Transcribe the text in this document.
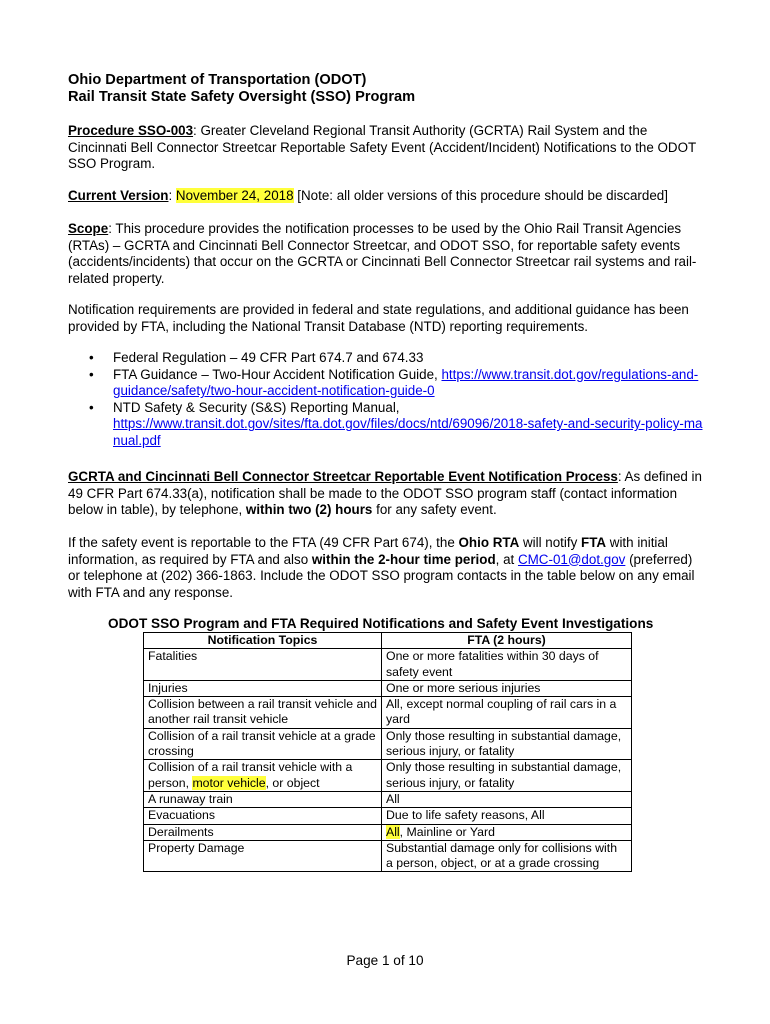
Ohio Department of Transportation (ODOT)
Rail Transit State Safety Oversight (SSO) Program
Procedure SSO-003: Greater Cleveland Regional Transit Authority (GCRTA) Rail System and the Cincinnati Bell Connector Streetcar Reportable Safety Event (Accident/Incident) Notifications to the ODOT SSO Program.
Current Version: November 24, 2018 [Note: all older versions of this procedure should be discarded]
Scope: This procedure provides the notification processes to be used by the Ohio Rail Transit Agencies (RTAs) – GCRTA and Cincinnati Bell Connector Streetcar, and ODOT SSO, for reportable safety events (accidents/incidents) that occur on the GCRTA or Cincinnati Bell Connector Streetcar rail systems and rail-related property.
Notification requirements are provided in federal and state regulations, and additional guidance has been provided by FTA, including the National Transit Database (NTD) reporting requirements.
• Federal Regulation – 49 CFR Part 674.7 and 674.33
• FTA Guidance – Two-Hour Accident Notification Guide, https://www.transit.dot.gov/regulations-and-guidance/safety/two-hour-accident-notification-guide-0
• NTD Safety & Security (S&S) Reporting Manual,
https://www.transit.dot.gov/sites/fta.dot.gov/files/docs/ntd/69096/2018-safety-and-security-policy-manual.pdf
GCRTA and Cincinnati Bell Connector Streetcar Reportable Event Notification Process: As defined in 49 CFR Part 674.33(a), notification shall be made to the ODOT SSO program staff (contact information below in table), by telephone, within two (2) hours for any safety event.
If the safety event is reportable to the FTA (49 CFR Part 674), the Ohio RTA will notify FTA with initial information, as required by FTA and also within the 2-hour time period, at CMC-01@dot.gov (preferred) or telephone at (202) 366-1863. Include the ODOT SSO program contacts in the table below on any email with FTA and any response.
ODOT SSO Program and FTA Required Notifications and Safety Event Investigations
Notification Topics	FTA (2 hours)
Fatalities	One or more fatalities within 30 days of safety event
Injuries	One or more serious injuries
Collision between a rail transit vehicle and another rail transit vehicle	All, except normal coupling of rail cars in a yard
Collision of a rail transit vehicle at a grade crossing	Only those resulting in substantial damage, serious injury, or fatality
Collision of a rail transit vehicle with a person, motor vehicle, or object	Only those resulting in substantial damage, serious injury, or fatality
A runaway train	All
Evacuations	Due to life safety reasons, All
Derailments	All, Mainline or Yard
Property Damage	Substantial damage only for collisions with a person, object, or at a grade crossing
Page 1 of 10
